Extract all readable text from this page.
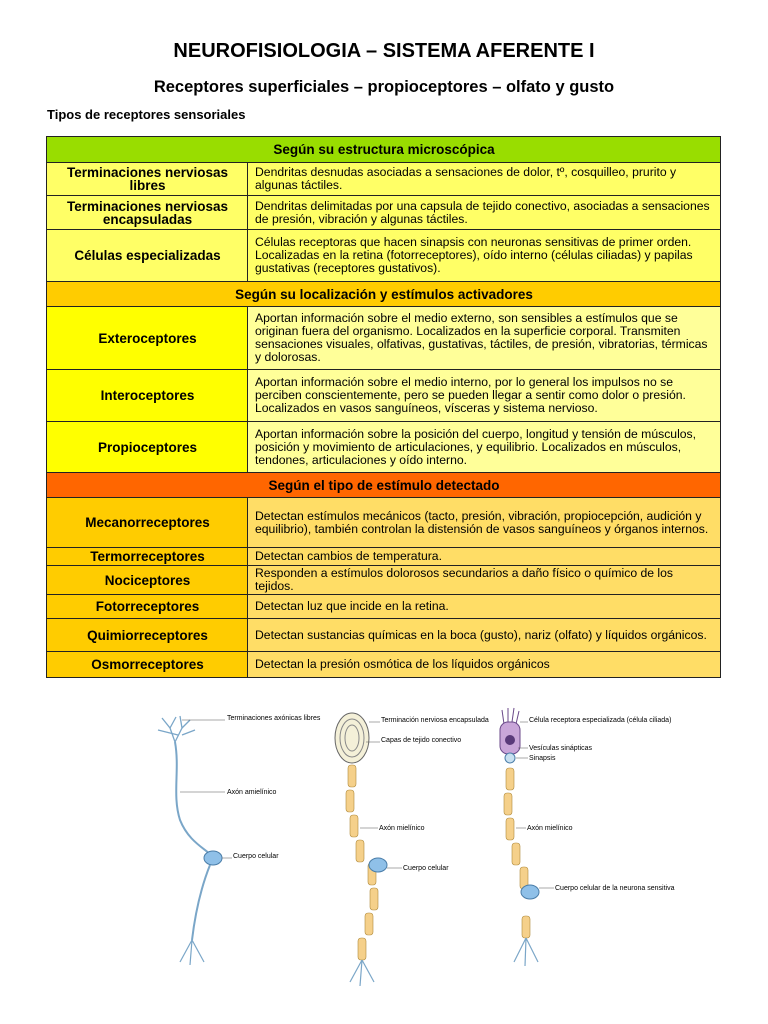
NEUROFISIOLOGIA – SISTEMA AFERENTE I
Receptores superficiales – propioceptores – olfato y gusto
Tipos de receptores sensoriales
Según su estructura microscópica	
Terminaciones nerviosas libres	Dendritas desnudas asociadas a sensaciones de dolor, tº, cosquilleo, prurito y algunas táctiles.
Terminaciones nerviosas encapsuladas	Dendritas delimitadas por una capsula de tejido conectivo, asociadas a sensaciones de presión, vibración y algunas táctiles.
Células especializadas	Células receptoras que hacen sinapsis con neuronas sensitivas de primer orden. Localizadas en la retina (fotorreceptores), oído interno (células ciliadas) y papilas gustativas (receptores gustativos).
Según su localización y estímulos activadores	
Exteroceptores	Aportan información sobre el medio externo, son sensibles a estímulos que se originan fuera del organismo. Localizados en la superficie corporal. Transmiten sensaciones visuales, olfativas, gustativas, táctiles, de presión, vibratorias, térmicas y dolorosas.
Interoceptores	Aportan información sobre el medio interno, por lo general los impulsos no se perciben conscientemente, pero se pueden llegar a sentir como dolor o presión. Localizados en vasos sanguíneos, vísceras y sistema nervioso.
Propioceptores	Aportan información sobre la posición del cuerpo, longitud y tensión de músculos, posición y movimiento de articulaciones, y equilibrio. Localizados en músculos, tendones, articulaciones y oído interno.
Según el tipo de estímulo detectado	
Mecanorreceptores	Detectan estímulos mecánicos (tacto, presión, vibración, propiocepción, audición y equilibrio), también controlan la distensión de vasos sanguíneos y órganos internos.
Termorreceptores	Detectan cambios de temperatura.
Nociceptores	Responden a estímulos dolorosos secundarios a daño físico o químico de los tejidos.
Fotorreceptores	Detectan luz que incide en la retina.
Quimiorreceptores	Detectan sustancias químicas en la boca (gusto), nariz (olfato) y líquidos orgánicos.
Osmorreceptores	Detectan la presión osmótica de los líquidos orgánicos
Terminaciones axónicas libres
Axón amielínico
Cuerpo celular
Terminación nerviosa encapsulada
Capas de tejido conectivo
Axón mielínico
Cuerpo celular
Célula receptora especializada (célula ciliada)
Vesículas sinápticas
Sinapsis
Axón mielínico
Cuerpo celular de la neurona sensitiva
